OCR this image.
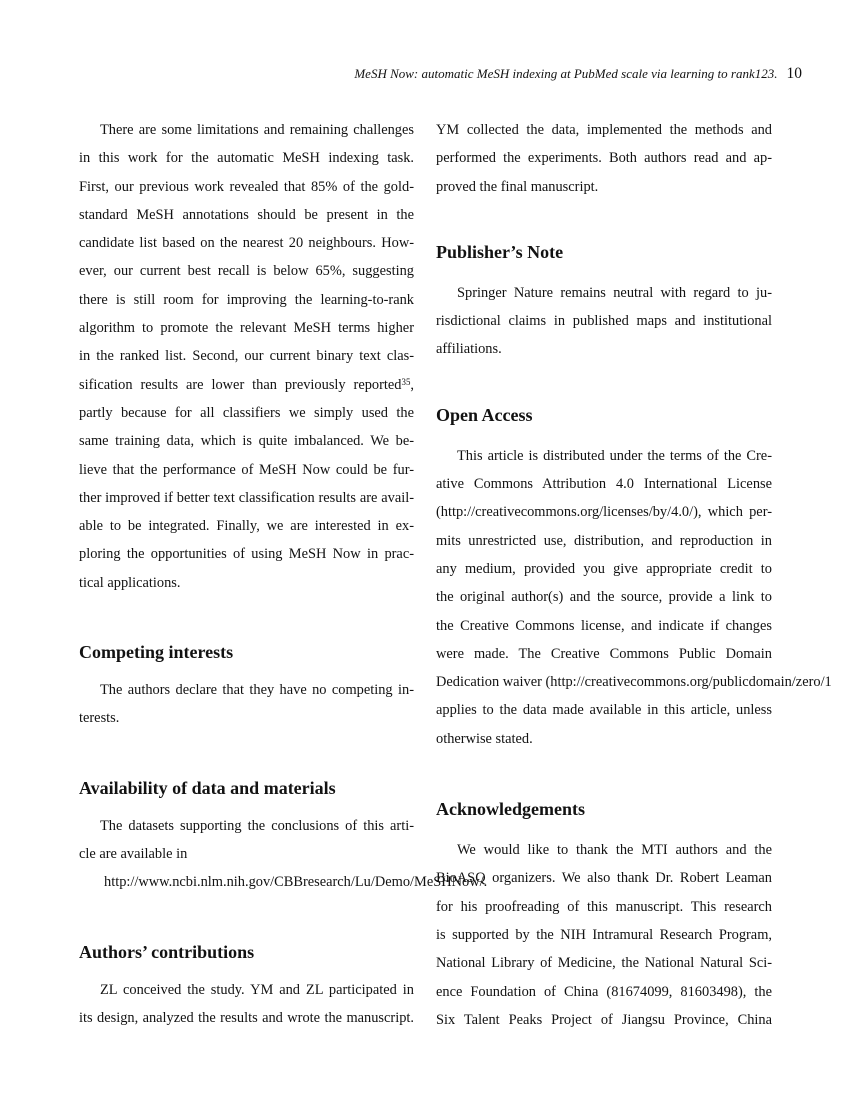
MeSH Now: automatic MeSH indexing at PubMed scale via learning to rank123. 10
There are some limitations and remaining challenges
in this work for the automatic MeSH indexing task.
First, our previous work revealed that 85% of the gold-
standard MeSH annotations should be present in the
candidate list based on the nearest 20 neighbours. How-
ever, our current best recall is below 65%, suggesting
there is still room for improving the learning-to-rank
algorithm to promote the relevant MeSH terms higher
in the ranked list. Second, our current binary text clas-
sification results are lower than previously reported$^{35}$,
partly because for all classifiers we simply used the
same training data, which is quite imbalanced. We be-
lieve that the performance of MeSH Now could be fur-
ther improved if better text classification results are avail-
able to be integrated. Finally, we are interested in ex-
ploring the opportunities of using MeSH Now in prac-
tical applications.
Competing interests
The authors declare that they have no competing in-
terests.
Availability of data and materials
The datasets supporting the conclusions of this arti-
cle are available in
http://www.ncbi.nlm.nih.gov/CBBresearch/Lu/Demo/MeSHNow/.
Authors’ contributions
ZL conceived the study. YM and ZL participated in
its design, analyzed the results and wrote the manuscript.
YM collected the data, implemented the methods and
performed the experiments. Both authors read and ap-
proved the final manuscript.
Publisher’s Note
Springer Nature remains neutral with regard to ju-
risdictional claims in published maps and institutional
affiliations.
Open Access
This article is distributed under the terms of the Cre-
ative Commons Attribution 4.0 International License
(http://creativecommons.org/licenses/by/4.0/), which per-
mits unrestricted use, distribution, and reproduction in
any medium, provided you give appropriate credit to
the original author(s) and the source, provide a link to
the Creative Commons license, and indicate if changes
were made. The Creative Commons Public Domain
Dedication waiver (http://creativecommons.org/publicdomain/zero/1
applies to the data made available in this article, unless
otherwise stated.
Acknowledgements
We would like to thank the MTI authors and the
BioASQ organizers. We also thank Dr. Robert Leaman
for his proofreading of this manuscript. This research
is supported by the NIH Intramural Research Program,
National Library of Medicine, the National Natural Sci-
ence Foundation of China (81674099, 81603498), the
Six Talent Peaks Project of Jiangsu Province, China
